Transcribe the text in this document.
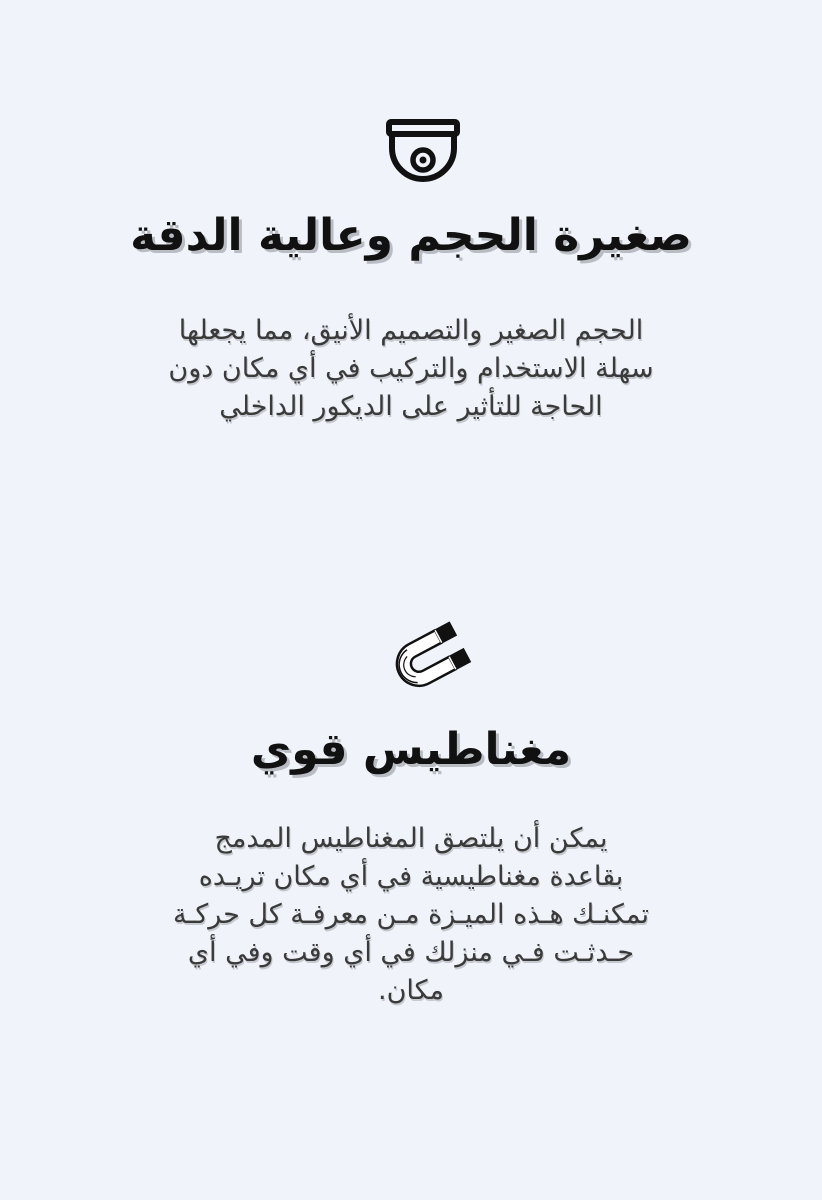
صغيرة الحجم وعالية الدقة

الحجم الصغير والتصميم الأنيق، مما يجعلها
سهلة الاستخدام والتركيب في أي مكان دون
الحاجة للتأثير على الديكور الداخلي

مغناطيس قوي

يمكن أن يلتصق المغناطيس المدمج
بقاعدة مغناطيسية في أي مكان تريـده
تمكنـك هـذه الميـزة مـن معرفـة كل حركـة
حـدثـت فـي منزلك في أي وقت وفي أي
مكان.
